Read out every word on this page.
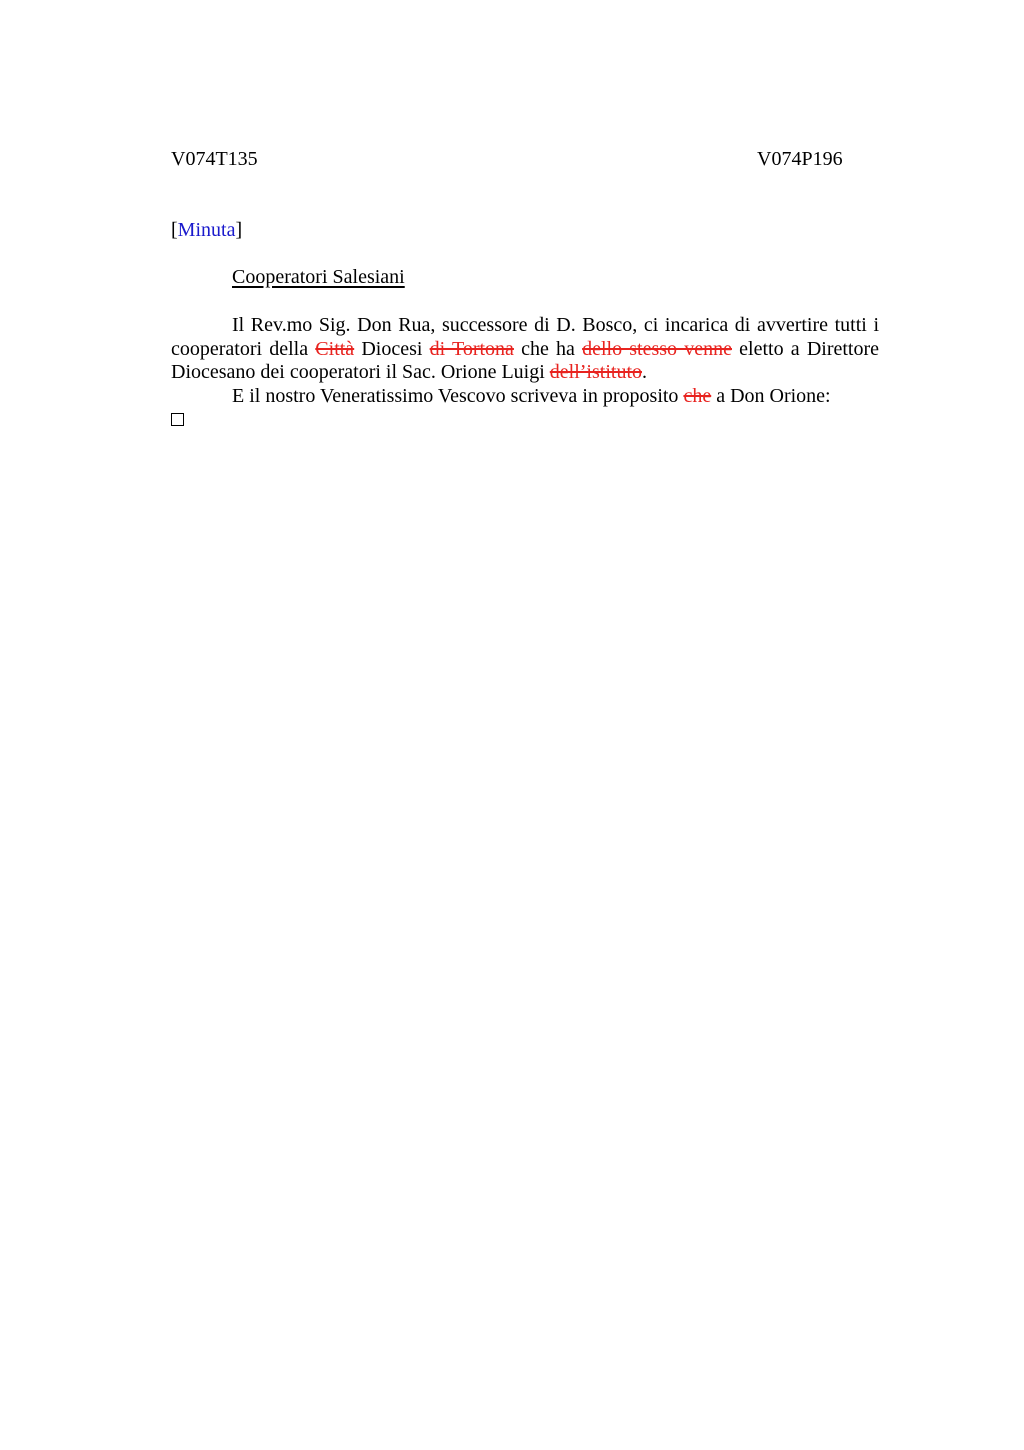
V074T135	V074P196
[Minuta]
Cooperatori Salesiani

Il Rev.mo Sig. Don Rua, successore di D. Bosco, ci incarica di avvertire tutti i cooperatori della Città Diocesi di Tortona che ha dello stesso venne eletto a Direttore Diocesano dei cooperatori il Sac. Orione Luigi dell’istituto.

E il nostro Veneratissimo Vescovo scriveva in proposito che a Don Orione:
